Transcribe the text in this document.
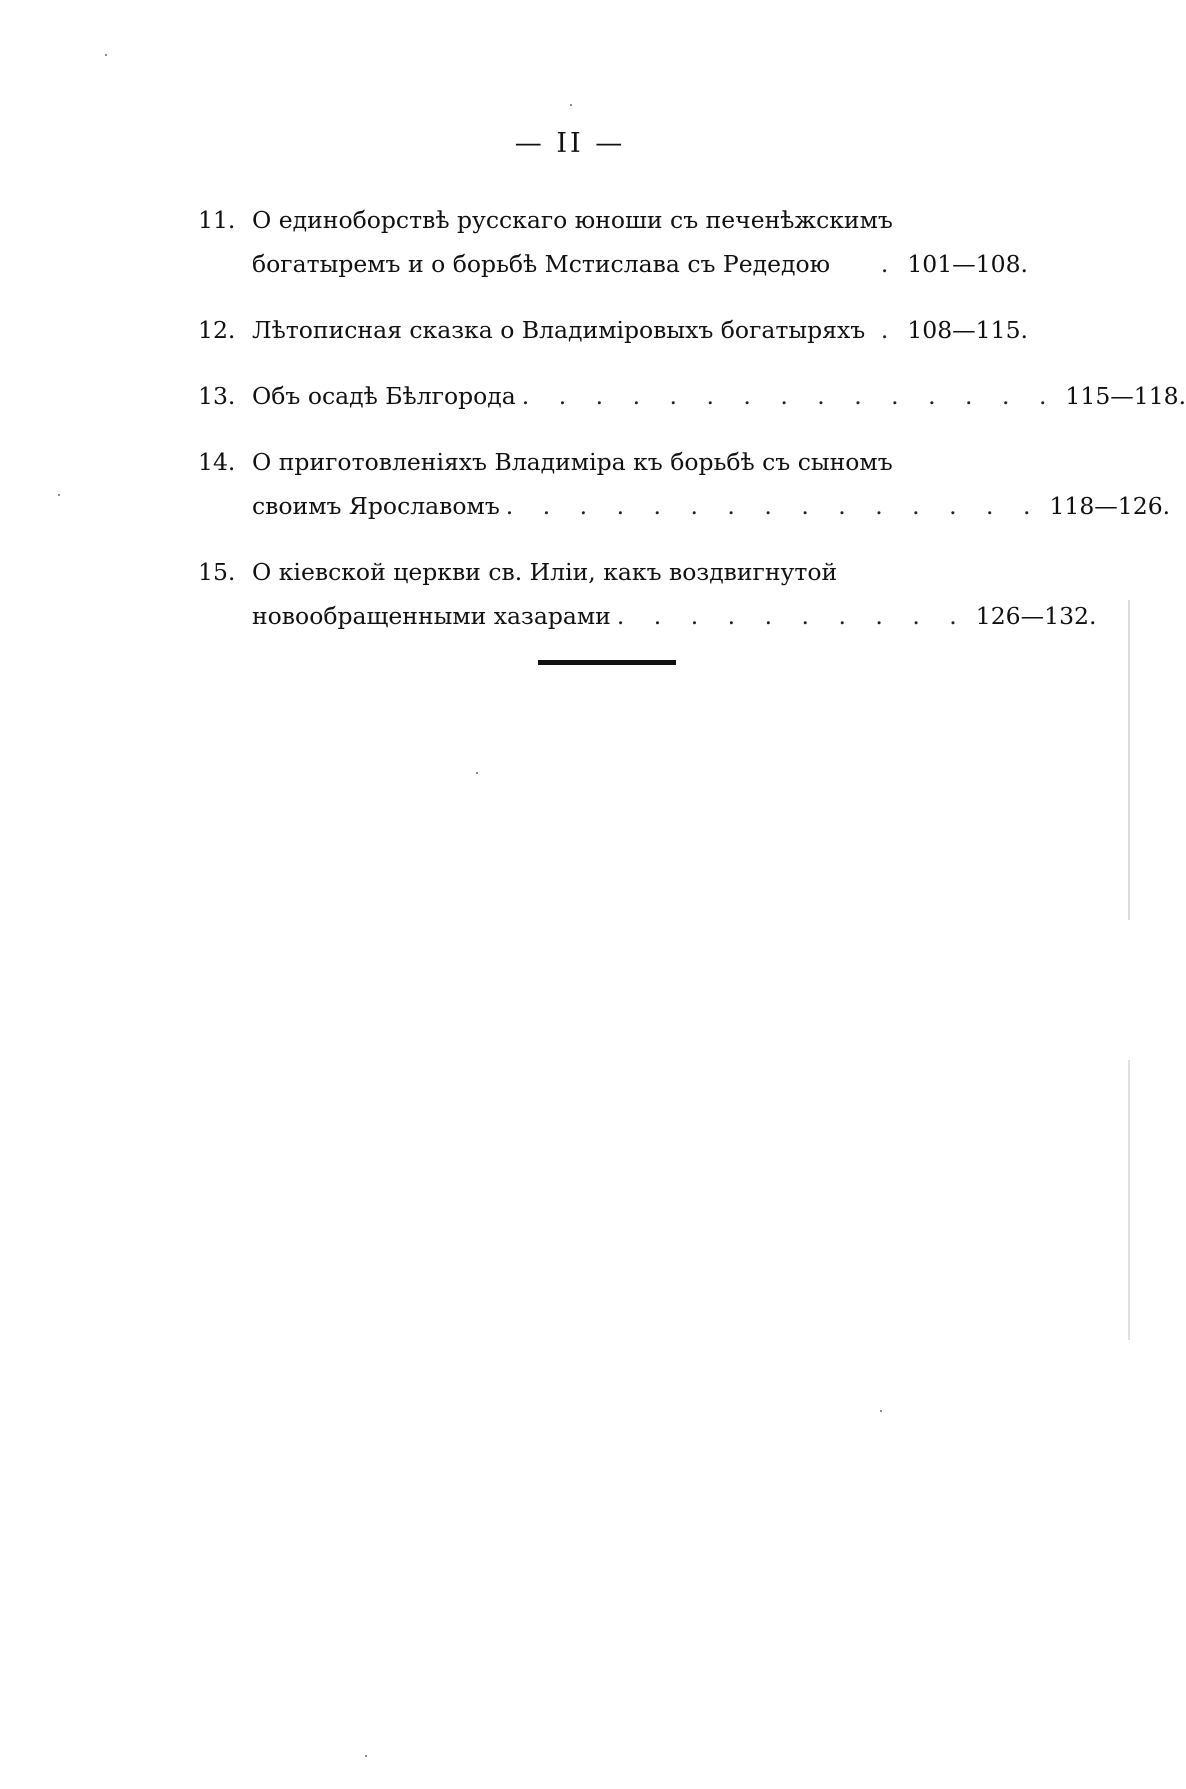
— II —
11. О единоборствѣ русскаго юноши съ печенѣжскимъ
богатыремъ и о борьбѣ Мстислава съ Редедою	. 101—108.
12. Лѣтописная сказка о Владиміровыхъ богатыряхъ . 108—115.
13. Объ осадѣ Бѣлгорода . . . . . . . . . . . . . . . 115—118.
14. О приготовленіяхъ Владиміра къ борьбѣ съ сыномъ
своимъ Ярославомъ . . . . . . . . . . . . . . . 118—126.
15. О кіевской церкви св. Иліи, какъ воздвигнутой
новообращенными хазарами . . . . . . . . . . 126—132.
